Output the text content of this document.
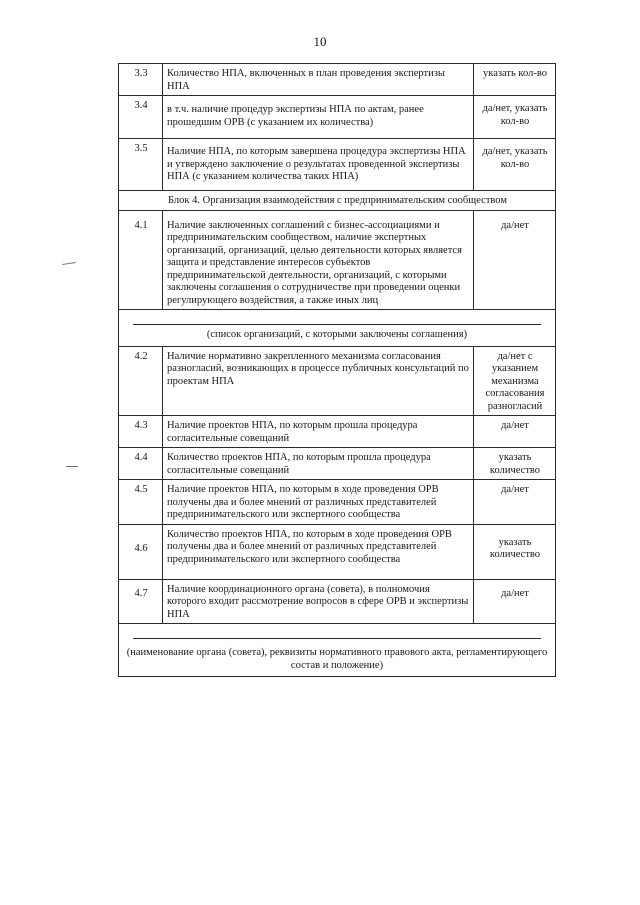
10
3.3	Количество НПА, включенных в план проведения экспертизы НПА	указать кол-во
3.4	в т.ч. наличие процедур экспертизы НПА по актам, ранее прошедшим ОРВ (с указанием их количества)	да/нет, указать кол-во
3.5	Наличие НПА, по которым завершена процедура экспертизы НПА и утверждено заключение о результатах проведенной экспертизы НПА (с указанием количества таких НПА)	да/нет, указать кол-во
Блок 4. Организация взаимодействия с предпринимательским сообществом		
4.1	Наличие заключенных соглашений с бизнес-ассоциациями и предпринимательским сообществом, наличие экспертных организаций, организаций, целью деятельности которых является защита и представление интересов субъектов предпринимательской деятельности, организаций, с которыми заключены соглашения о сотрудничестве при проведении оценки регулирующего воздействия, а также иных лиц	да/нет

(список организаций, с которыми заключены соглашения)		

4.2	Наличие нормативно закрепленного механизма согласования разногласий, возникающих в процессе публичных консультаций по проектам НПА	да/нет с указанием механизма согласования разногласий
4.3	Наличие проектов НПА, по которым прошла процедура согласительные совещаний	да/нет
4.4	Количество проектов НПА, по которым прошла процедура согласительные совещаний	указать количество
4.5	Наличие проектов НПА, по которым в ходе проведения ОРВ получены два и более мнений от различных представителей предпринимательского или экспертного сообщества	да/нет
4.6	Количество проектов НПА, по которым в ходе проведения ОРВ получены два и более мнений от различных представителей предпринимательского или экспертного сообщества	указать количество
4.7	Наличие координационного органа (совета), в полномочия которого входит рассмотрение вопросов в сфере ОРВ и экспертизы НПА	да/нет

(наименование органа (совета), реквизиты нормативного правового акта, регламентирующего состав и положение)		
